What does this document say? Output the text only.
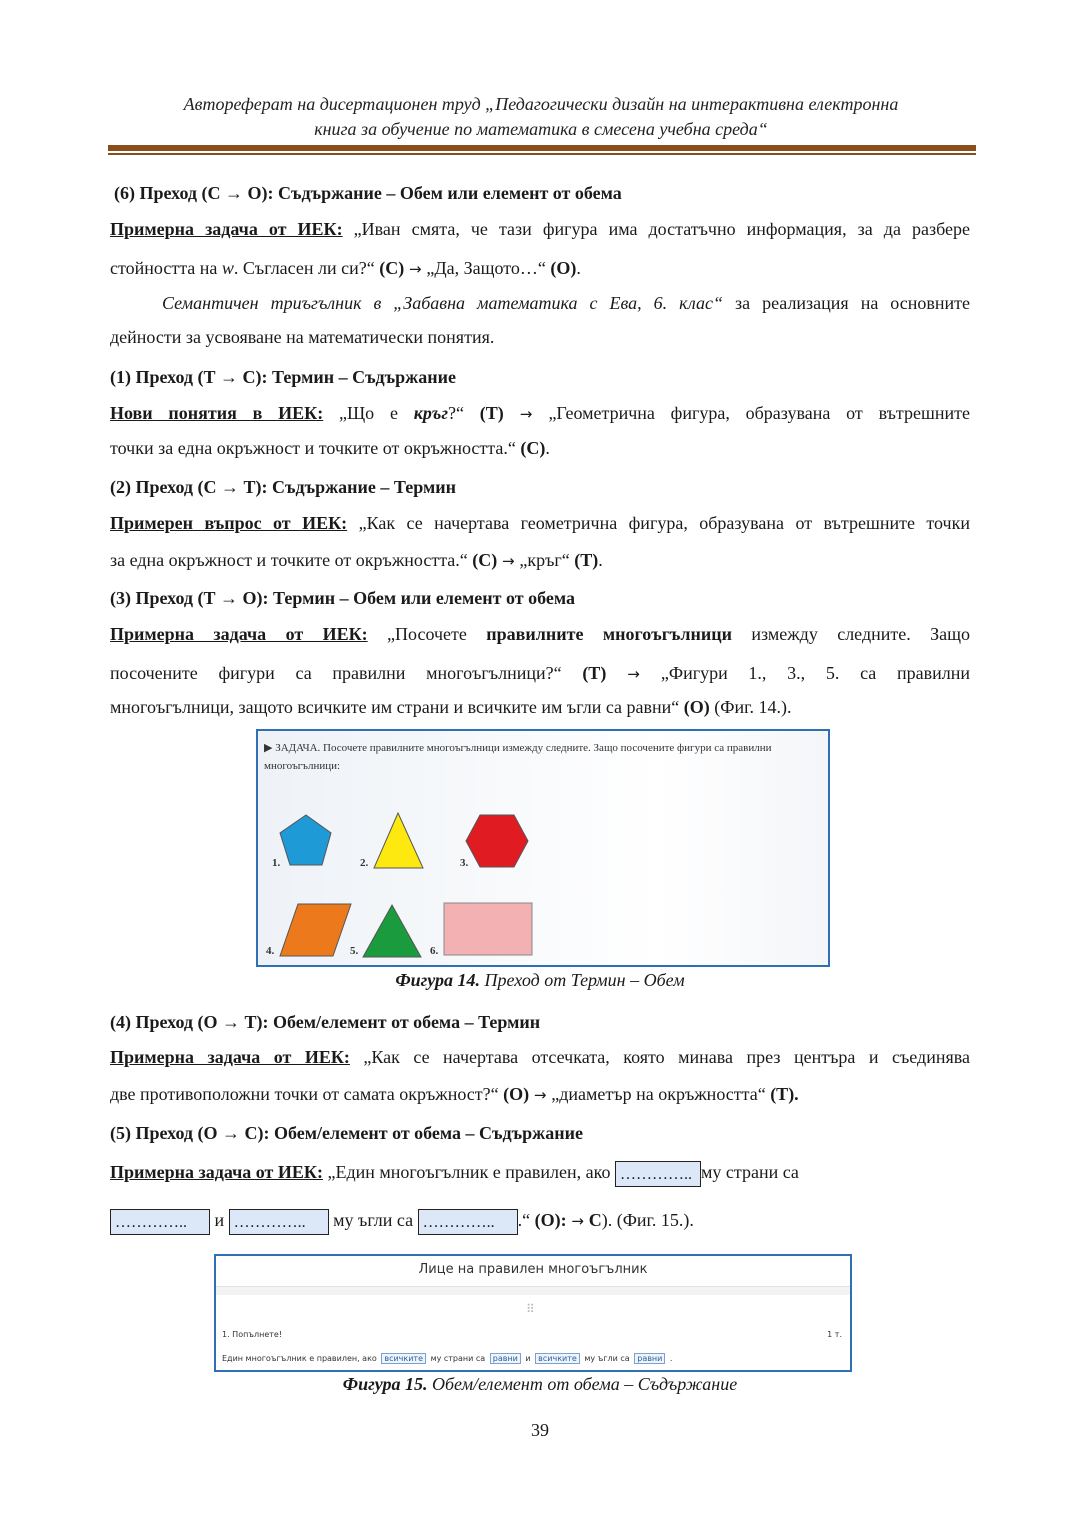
Автореферат на дисертационен труд „Педагогически дизайн на интерактивна електронна
книга за обучение по математика в смесена учебна среда“
(6) Преход (С → О): Съдържание – Обем или елемент от обема
Примерна задача от ИЕК: „Иван смята, че тази фигура има достатъчно информация, за да разбере
стойността на w. Съгласен ли си?“ (С) → „Да, Защото…“ (О).
Семантичен триъгълник в „Забавна математика с Ева, 6. клас“ за реализация на основните
дейности за усвояване на математически понятия.
(1) Преход (Т → С): Термин – Съдържание
Нови понятия в ИЕК: „Що е кръг?“ (Т) → „Геометрична фигура, образувана от вътрешните
точки за една окръжност и точките от окръжността.“ (С).
(2) Преход (С → Т): Съдържание – Термин
Примерен въпрос от ИЕК: „Как се начертава геометрична фигура, образувана от вътрешните точки
за една окръжност и точките от окръжността.“ (С) → „кръг“ (Т).
(3) Преход (Т → О): Термин – Обем или елемент от обема
Примерна задача от ИЕК: „Посочете правилните многоъгълници измежду следните. Защо
посочените фигури са правилни многоъгълници?“ (Т) → „Фигури 1., 3., 5. са правилни
многоъгълници, защото всичките им страни и всичките им ъгли са равни“ (О) (Фиг. 14.).
▶ ЗАДАЧА. Посочете правилните многоъгълници измежду следните. Защо посочените фигури са правилни многоъгълници:
1.	2.	3.
4.	5.	6.
Фигура 14. Преход от Термин – Обем
(4) Преход (О → Т): Обем/елемент от обема – Термин
Примерна задача от ИЕК: „Как се начертава отсечката, която минава през центъра и съединява
две противоположни точки от самата окръжност?“ (О) → „диаметър на окръжността“ (Т).
(5) Преход (О → С): Обем/елемент от обема – Съдържание
Примерна задача от ИЕК: „Един многоъгълник е правилен, ако ………….. му страни са
………….. и ………….. му ъгли са ………….. .“ (О): → С). (Фиг. 15.).
Лице на правилен многоъгълник
⠿
1. Попълнете!	1 т.
Един многоъгълник е правилен, ако всичките му страни са равни и всичките му ъгли са равни .
Фигура 15. Обем/елемент от обема – Съдържание
39
